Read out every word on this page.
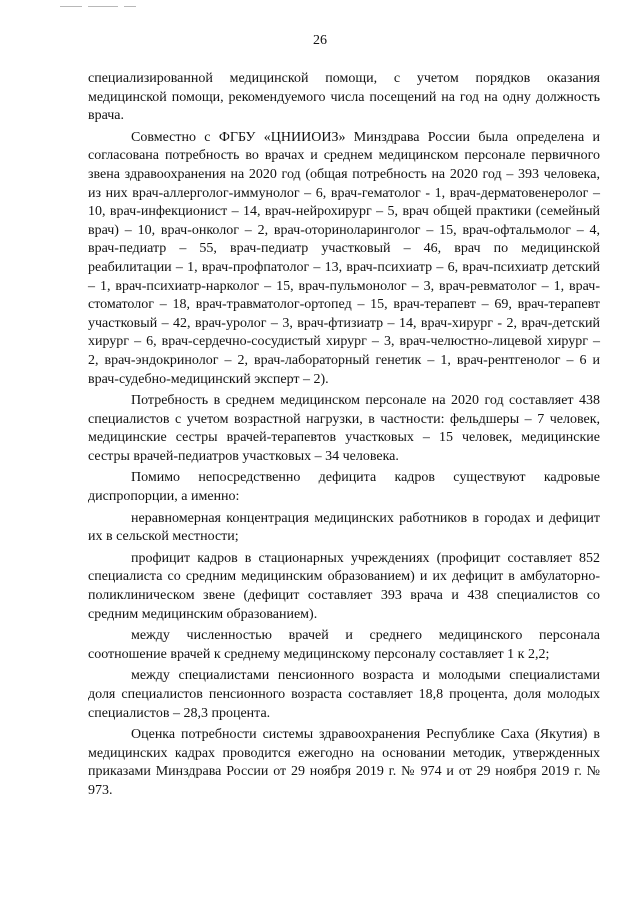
26

специализированной медицинской помощи, с учетом порядков оказания медицинской помощи, рекомендуемого числа посещений на год на одну должность врача.

Совместно с ФГБУ «ЦНИИОИЗ» Минздрава России была определена и согласована потребность во врачах и среднем медицинском персонале первичного звена здравоохранения на 2020 год (общая потребность на 2020 год – 393 человека, из них врач-аллерголог-иммунолог – 6, врач-гематолог - 1, врач-дерматовенеролог – 10, врач-инфекционист – 14, врач-нейрохирург – 5, врач общей практики (семейный врач) – 10, врач-онколог – 2, врач-оториноларинголог – 15, врач-офтальмолог – 4, врач-педиатр – 55, врач-педиатр участковый – 46, врач по медицинской реабилитации – 1, врач-профпатолог – 13, врач-психиатр – 6, врач-психиатр детский – 1, врач-психиатр-нарколог – 15, врач-пульмонолог – 3, врач-ревматолог – 1, врач-стоматолог – 18, врач-травматолог-ортопед – 15, врач-терапевт – 69, врач-терапевт участковый – 42, врач-уролог – 3, врач-фтизиатр – 14, врач-хирург - 2, врач-детский хирург – 6, врач-сердечно-сосудистый хирург – 3, врач-челюстно-лицевой хирург – 2, врач-эндокринолог – 2, врач-лабораторный генетик – 1, врач-рентгенолог – 6 и врач-судебно-медицинский эксперт – 2).

Потребность в среднем медицинском персонале на 2020 год составляет 438 специалистов с учетом возрастной нагрузки, в частности: фельдшеры – 7 человек, медицинские сестры врачей-терапевтов участковых – 15 человек, медицинские сестры врачей-педиатров участковых – 34 человека.

Помимо непосредственно дефицита кадров существуют кадровые диспропорции, а именно:

неравномерная концентрация медицинских работников в городах и дефицит их в сельской местности;

профицит кадров в стационарных учреждениях (профицит составляет 852 специалиста со средним медицинским образованием) и их дефицит в амбулаторно-поликлиническом звене (дефицит составляет 393 врача и 438 специалистов со средним медицинским образованием).

между численностью врачей и среднего медицинского персонала соотношение врачей к среднему медицинскому персоналу составляет 1 к 2,2;

между специалистами пенсионного возраста и молодыми специалистами доля специалистов пенсионного возраста составляет 18,8 процента, доля молодых специалистов – 28,3 процента.

Оценка потребности системы здравоохранения Республике Саха (Якутия) в медицинских кадрах проводится ежегодно на основании методик, утвержденных приказами Минздрава России от 29 ноября 2019 г. № 974 и от 29 ноября 2019 г. № 973.
